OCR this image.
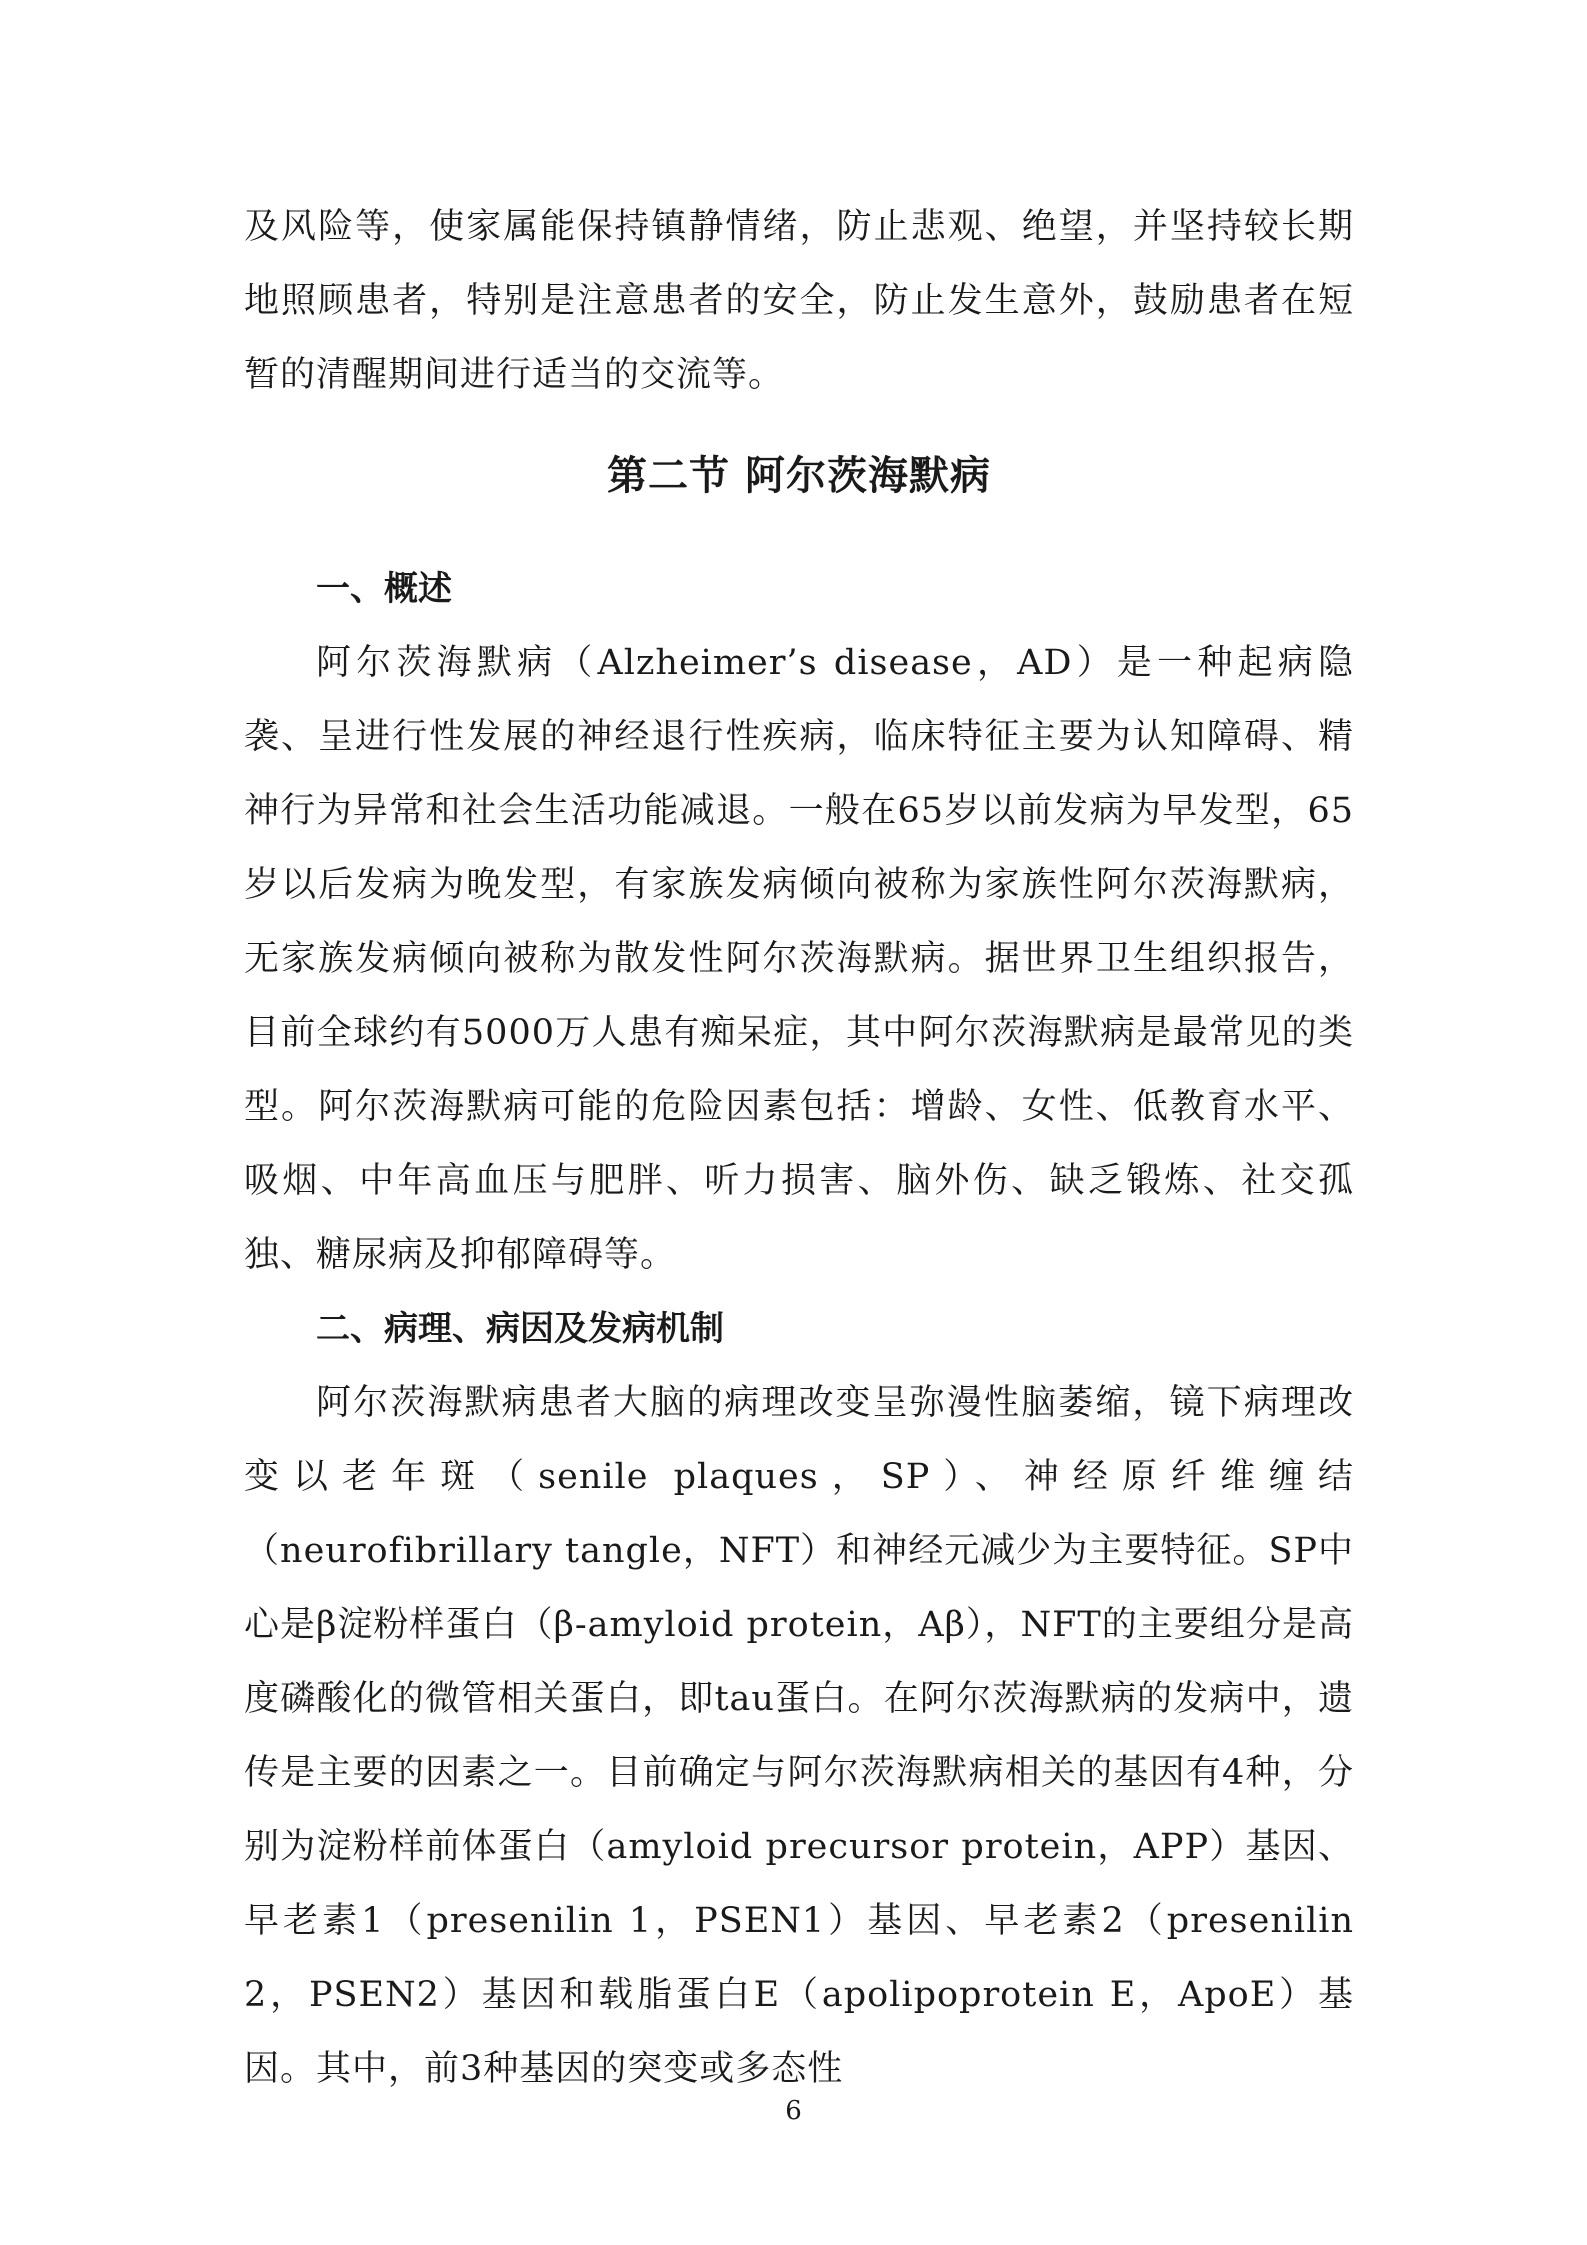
及风险等，使家属能保持镇静情绪，防止悲观、绝望，并坚持较长期地照顾患者，特别是注意患者的安全，防止发生意外，鼓励患者在短暂的清醒期间进行适当的交流等。

第二节 阿尔茨海默病
一、概述

阿尔茨海默病（Alzheimer’s disease，AD）是一种起病隐袭、呈进行性发展的神经退行性疾病，临床特征主要为认知障碍、精神行为异常和社会生活功能减退。一般在65岁以前发病为早发型，65岁以后发病为晚发型，有家族发病倾向被称为家族性阿尔茨海默病，无家族发病倾向被称为散发性阿尔茨海默病。据世界卫生组织报告，目前全球约有5000万人患有痴呆症，其中阿尔茨海默病是最常见的类型。阿尔茨海默病可能的危险因素包括：增龄、女性、低教育水平、吸烟、中年高血压与肥胖、听力损害、脑外伤、缺乏锻炼、社交孤独、糖尿病及抑郁障碍等。

二、病理、病因及发病机制

阿尔茨海默病患者大脑的病理改变呈弥漫性脑萎缩，镜下病理改变以老年斑（senile plaques，SP）、神经原纤维缠结（neurofibrillary tangle，NFT）和神经元减少为主要特征。SP中心是β淀粉样蛋白（β-amyloid protein，Aβ），NFT的主要组分是高度磷酸化的微管相关蛋白，即tau蛋白。在阿尔茨海默病的发病中，遗传是主要的因素之一。目前确定与阿尔茨海默病相关的基因有4种，分别为淀粉样前体蛋白（amyloid precursor protein，APP）基因、早老素1（presenilin 1，PSEN1）基因、早老素2（presenilin 2，PSEN2）基因和载脂蛋白E（apolipoprotein E，ApoE）基因。其中，前3种基因的突变或多态性

6
